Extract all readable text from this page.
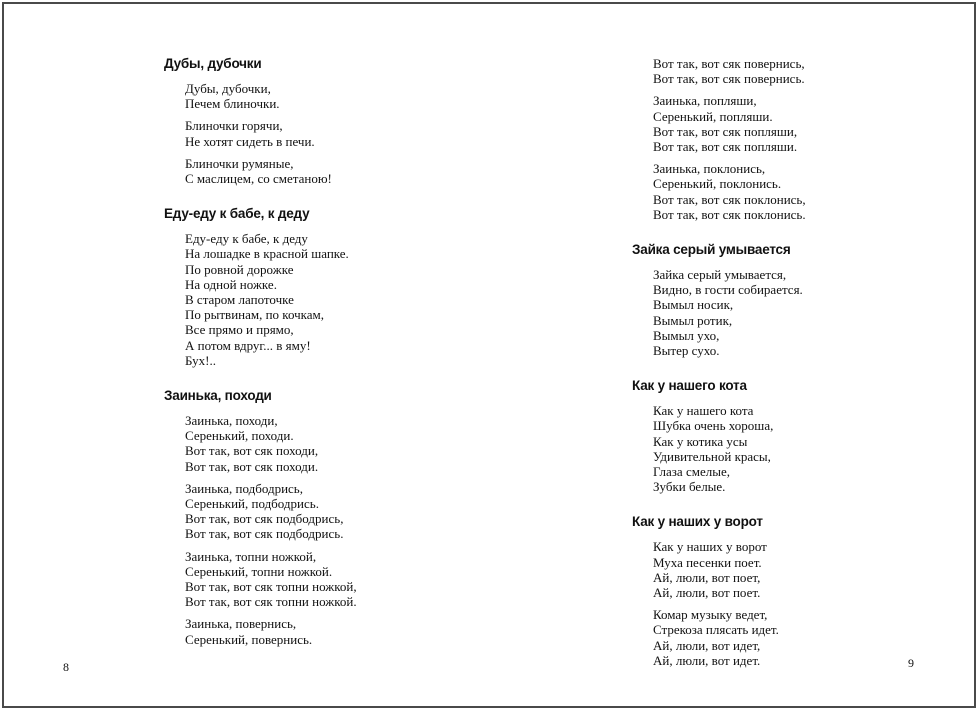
Дубы, дубочки
Дубы, дубочки,
Печем блиночки.
Блиночки горячи,
Не хотят сидеть в печи.
Блиночки румяные,
С маслицем, со сметаною!
Еду-еду к бабе, к деду
Еду-еду к бабе, к деду
На лошадке в красной шапке.
По ровной дорожке
На одной ножке.
В старом лапоточке
По рытвинам, по кочкам,
Все прямо и прямо,
А потом вдруг... в яму!
Бух!..
Заинька, походи
Заинька, походи,
Серенький, походи.
Вот так, вот сяк походи,
Вот так, вот сяк походи.
Заинька, подбодрись,
Серенький, подбодрись.
Вот так, вот сяк подбодрись,
Вот так, вот сяк подбодрись.
Заинька, топни ножкой,
Серенький, топни ножкой.
Вот так, вот сяк топни ножкой,
Вот так, вот сяк топни ножкой.
Заинька, повернись,
Серенький, повернись.
Вот так, вот сяк повернись,
Вот так, вот сяк повернись.
Заинька, попляши,
Серенький, попляши.
Вот так, вот сяк попляши,
Вот так, вот сяк попляши.
Заинька, поклонись,
Серенький, поклонись.
Вот так, вот сяк поклонись,
Вот так, вот сяк поклонись.
Зайка серый умывается
Зайка серый умывается,
Видно, в гости собирается.
Вымыл носик,
Вымыл ротик,
Вымыл ухо,
Вытер сухо.
Как у нашего кота
Как у нашего кота
Шубка очень хороша,
Как у котика усы
Удивительной красы,
Глаза смелые,
Зубки белые.
Как у наших у ворот
Как у наших у ворот
Муха песенки поет.
Ай, люли, вот поет,
Ай, люли, вот поет.
Комар музыку ведет,
Стрекоза плясать идет.
Ай, люли, вот идет,
Ай, люли, вот идет.
8	9
